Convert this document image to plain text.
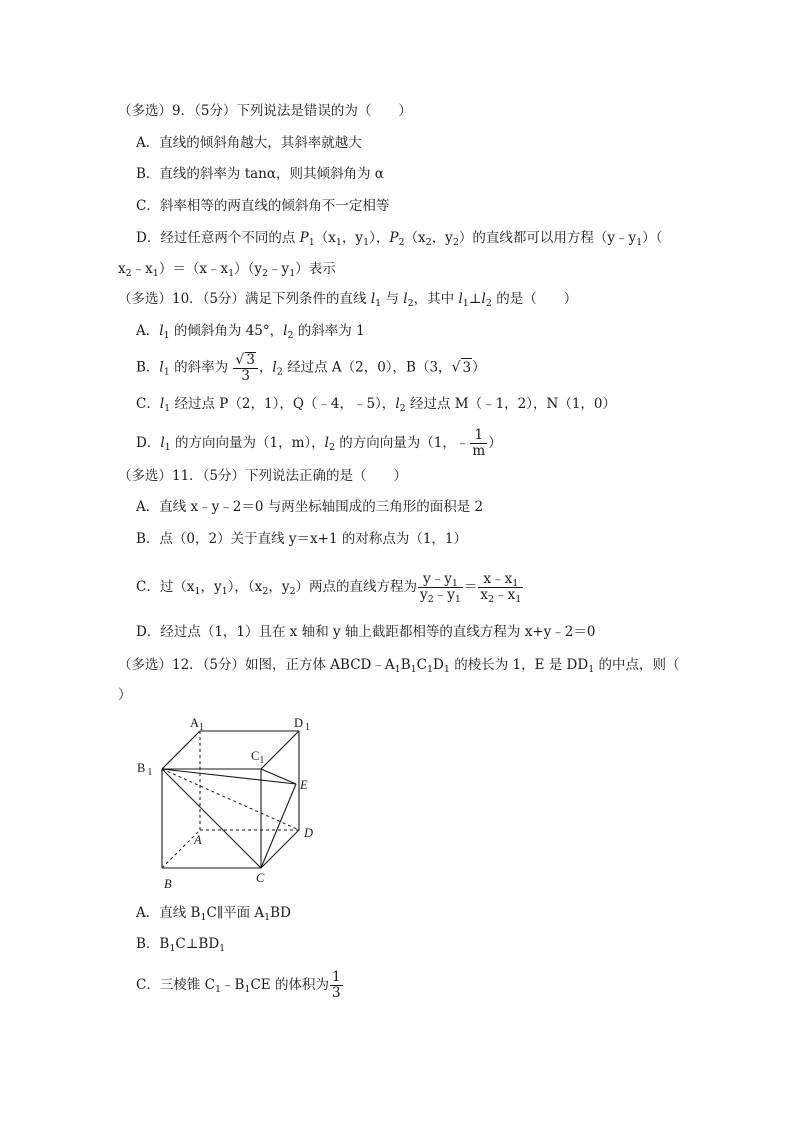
（多选）9．（5分）下列说法是错误的为（　　）
A．直线的倾斜角越大，其斜率就越大
B．直线的斜率为 tanα，则其倾斜角为 α
C．斜率相等的两直线的倾斜角不一定相等
D．经过任意两个不同的点 $P_1(x_1$，$y_1$），$P_2(x_2$，$y_2$）的直线都可以用方程$(y﹣y_1)$（
$x_2﹣x_1)=(x﹣x_1)(y_2﹣y_1)$表示
（多选）10．（5分）满足下列条件的直线 $l_1$ 与 $l_2$，其中 $l_1\perp l_2$ 的是（　　）
A．$l_1$ 的倾斜角为 45°，$l_2$ 的斜率为 1
B．$l_1$ 的斜率为 $\frac{√ 3}{3}$ ，$l_2$ 经过点 A（2，0），B（3，√ 3）
C．$l_1$ 经过点 P（2，1），Q（﹣4，﹣5），$l_2$ 经过点 M（﹣1，2），N（1，0）
D．$l_1$ 的方向向量为（1，m），$l_2$ 的方向向量为（1，﹣ $\frac{1}{m}$ ）
（多选）11．（5分）下列说法正确的是（　　）
A．直线 x﹣y﹣2＝0 与两坐标轴围成的三角形的面积是 2
B．点（0，2）关于直线 y＝x+1 的对称点为（1，1）
C．过（$x_1$，$y_1$），（$x_2$，$y_2$）两点的直线方程为 $\frac{y﹣y_1}{y_2﹣y_1} = \frac{x﹣x_1}{x_2﹣x_1}$
D．经过点（1，1）且在 x 轴和 y 轴上截距都相等的直线方程为 x+y﹣2＝0
（多选）12．（5分）如图，正方体 $ABCD﹣A_1B_1C_1D_1$ 的棱长为 1，E 是 $DD_1$ 的中点，则（
）
$A_1$	D $_1$
$C_1$
B $_1$
E
A	D
B	C
A．直线 $B_1C\parallel$平面 $A_1BD$
B．$B_1C\perp BD_1$
C．三棱锥 $C_1﹣B_1CE$ 的体积为 $\frac{1}{3}$
